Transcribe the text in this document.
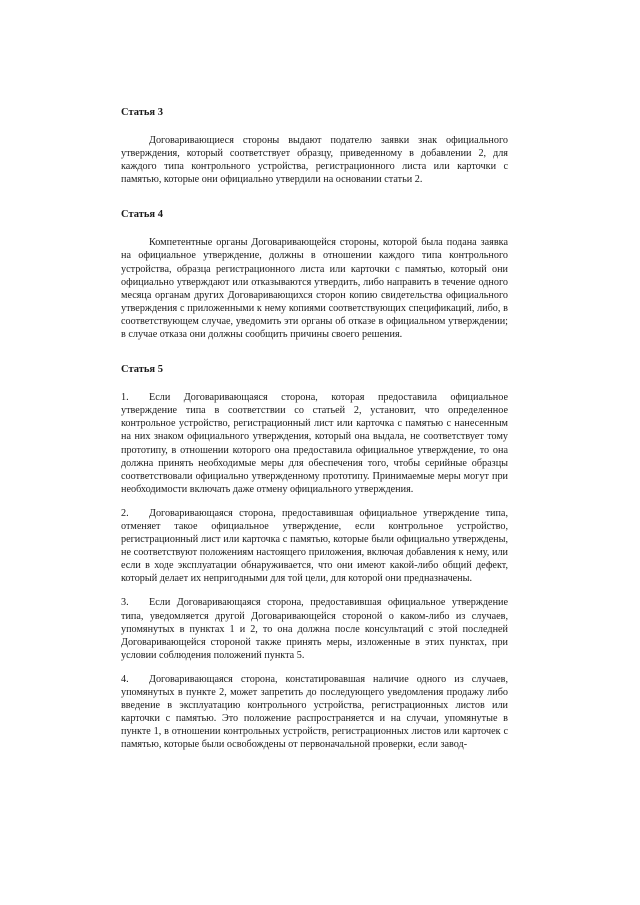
Статья 3

Договаривающиеся стороны выдают подателю заявки знак официального утверждения, который соответствует образцу, приведенному в добавлении 2, для каждого типа контрольного устройства, регистрационного листа или карточки с памятью, которые они официально утвердили на основании статьи 2.

Статья 4

Компетентные органы Договаривающейся стороны, которой была подана заявка на официальное утверждение, должны в отношении каждого типа контрольного устройства, образца регистрационного листа или карточки с памятью, который они официально утверждают или отказываются утвердить, либо направить в течение одного месяца органам других Договаривающихся сторон копию свидетельства официального утверждения с приложенными к нему копиями соответствующих спецификаций, либо, в соответствующем случае, уведомить эти органы об отказе в официальном утверждении; в случае отказа они должны сообщить причины своего решения.

Статья 5

1. Если Договаривающаяся сторона, которая предоставила официальное утверждение типа в соответствии со статьей 2, установит, что определенное контрольное устройство, регистрационный лист или карточка с памятью с нанесенным на них знаком официального утверждения, который она выдала, не соответствует тому прототипу, в отношении которого она предоставила официальное утверждение, то она должна принять необходимые меры для обеспечения того, чтобы серийные образцы соответствовали официально утвержденному прототипу. Принимаемые меры могут при необходимости включать даже отмену официального утверждения.

2. Договаривающаяся сторона, предоставившая официальное утверждение типа, отменяет такое официальное утверждение, если контрольное устройство, регистрационный лист или карточка с памятью, которые были официально утверждены, не соответствуют положениям настоящего приложения, включая добавления к нему, или если в ходе эксплуатации обнаруживается, что они имеют какой-либо общий дефект, который делает их непригодными для той цели, для которой они предназначены.

3. Если Договаривающаяся сторона, предоставившая официальное утверждение типа, уведомляется другой Договаривающейся стороной о каком-либо из случаев, упомянутых в пунктах 1 и 2, то она должна после консультаций с этой последней Договаривающейся стороной также принять меры, изложенные в этих пунктах, при условии соблюдения положений пункта 5.

4. Договаривающаяся сторона, констатировавшая наличие одного из случаев, упомянутых в пункте 2, может запретить до последующего уведомления продажу либо введение в эксплуатацию контрольного устройства, регистрационных листов или карточки с памятью. Это положение распространяется и на случаи, упомянутые в пункте 1, в отношении контрольных устройств, регистрационных листов или карточек с памятью, которые были освобождены от первоначальной проверки, если завод-
